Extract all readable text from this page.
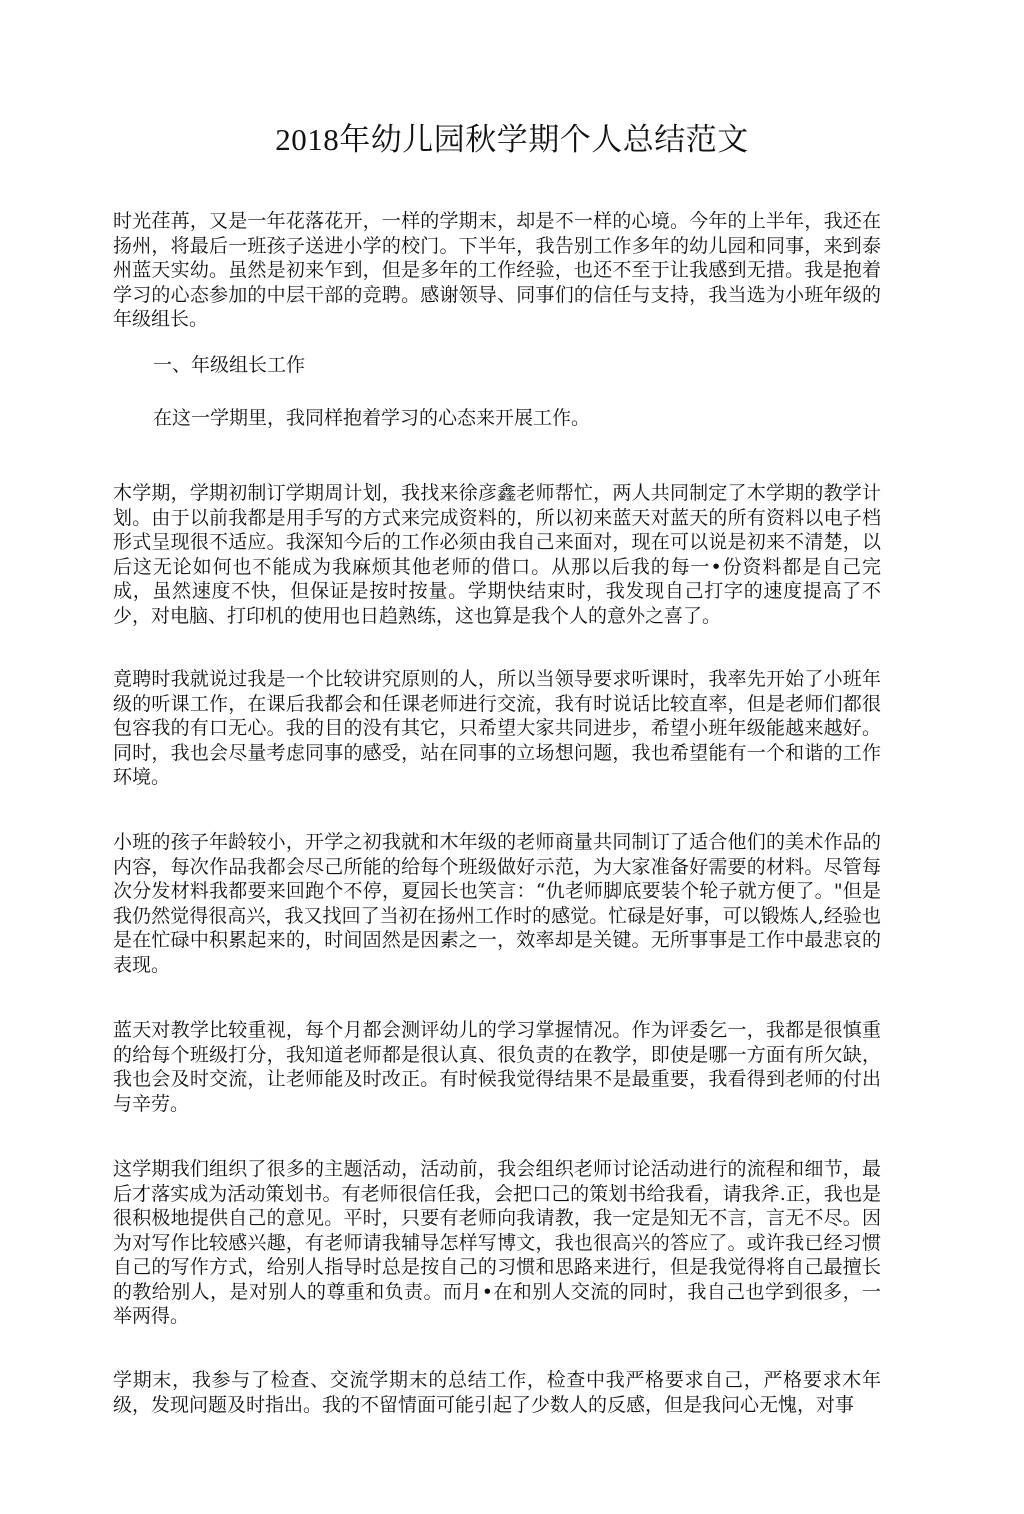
2018年幼儿园秋学期个人总结范文
时光荏苒，又是一年花落花开，一样的学期末，却是不一样的心境。今年的上半年，我还在扬州，将最后一班孩子送进小学的校门。下半年，我告别工作多年的幼儿园和同事，来到泰州蓝天实幼。虽然是初来乍到，但是多年的工作经验，也还不至于让我感到无措。我是抱着学习的心态参加的中层干部的竞聘。感谢领导、同事们的信任与支持，我当选为小班年级的年级组长。
一、年级组长工作
在这一学期里，我同样抱着学习的心态来开展工作。
木学期，学期初制订学期周计划，我找来徐彦鑫老师帮忙，两人共同制定了木学期的教学计划。由于以前我都是用手写的方式来完成资料的，所以初来蓝天对蓝天的所有资料以电子档形式呈现很不适应。我深知今后的工作必须由我自己来面对，现在可以说是初来不清楚，以后这无论如何也不能成为我麻烦其他老师的借口。从那以后我的每一•份资料都是自己完成，虽然速度不快，但保证是按时按量。学期快结束时，我发现自己打字的速度提高了不少，对电脑、打印机的使用也日趋熟练，这也算是我个人的意外之喜了。
竟聘时我就说过我是一个比较讲究原则的人，所以当领导要求听课时，我率先开始了小班年级的听课工作，在课后我都会和任课老师进行交流，我有时说话比较直率，但是老师们都很包容我的有口无心。我的目的没有其它，只希望大家共同进步，希望小班年级能越来越好。同时，我也会尽量考虑同事的感受，站在同事的立场想问题，我也希望能有一个和谐的工作环境。
小班的孩子年龄较小，开学之初我就和木年级的老师商量共同制订了适合他们的美术作品的内容，每次作品我都会尽己所能的给每个班级做好示范，为大家准备好需要的材料。尽管每次分发材料我都要来回跑个不停，夏园长也笑言：“仇老师脚底要装个轮子就方便了。"但是我仍然觉得很高兴，我又找回了当初在扬州工作时的感觉。忙碌是好事，可以锻炼人,经验也是在忙碌中积累起来的，时间固然是因素之一，效率却是关键。无所事事是工作中最悲哀的表现。
蓝天对教学比较重视，每个月都会测评幼儿的学习掌握情况。作为评委乞一，我都是很慎重的给每个班级打分，我知道老师都是很认真、很负责的在教学，即使是哪一方面有所欠缺，我也会及时交流，让老师能及时改正。有时候我觉得结果不是最重要，我看得到老师的付出与辛劳。
这学期我们组织了很多的主题活动，活动前，我会组织老师讨论活动进行的流程和细节，最后才落实成为活动策划书。有老师很信任我，会把口己的策划书给我看，请我斧.正，我也是很积极地提供自己的意见。平时，只要有老师向我请教，我一定是知无不言，言无不尽。因为对写作比较感兴趣，有老师请我辅导怎样写博文，我也很高兴的答应了。或许我已经习惯自己的写作方式，给别人指导时总是按自己的习惯和思路来进行，但是我觉得将自己最擅长的教给别人，是对别人的尊重和负责。而月•在和别人交流的同时，我自己也学到很多，一举两得。
学期末，我参与了检查、交流学期末的总结工作，检查中我严格要求自己，严格要求木年级，发现问题及时指出。我的不留情面可能引起了少数人的反感，但是我问心无愧，对事
